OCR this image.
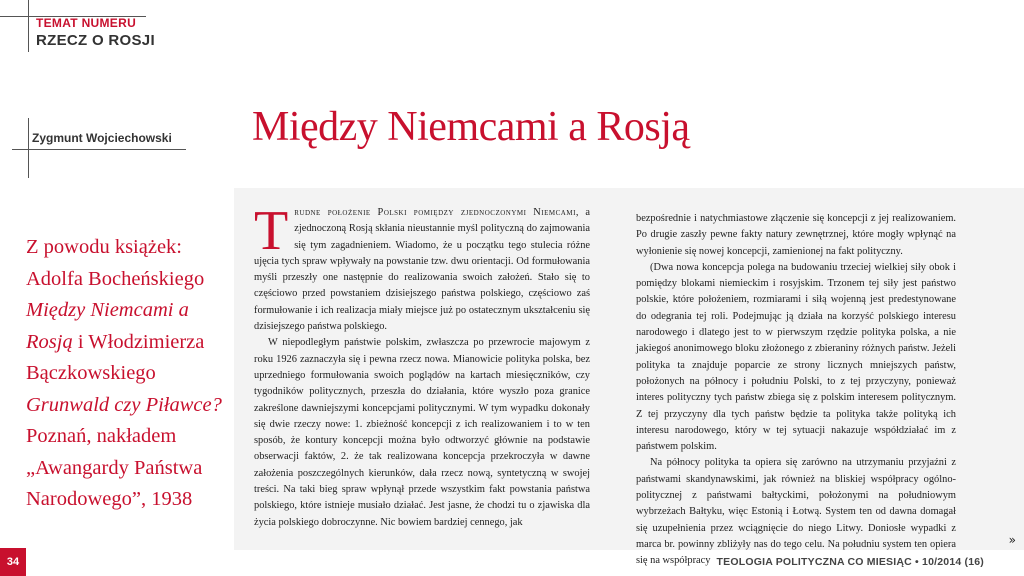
TEMAT NUMERU
RZECZ O ROSJI
Zygmunt Wojciechowski Między Niemcami a Rosją

Z powodu książek:

Adolfa Bocheńskiego Między Niemcami a Rosją i Włodzimierza Bączkowskiego Grunwald czy Piławce?

Poznań, nakładem „Awangardy Państwa Narodowego”, 1938

Trudne położenie Polski pomiędzy zjednoczonymi Niemcami, a zjednoczoną Rosją skłania nieustannie myśl polityczną do zajmowania się tym zagadnieniem. Wiadomo, że u początku tego stulecia różne ujęcia tych spraw wpływały na powstanie tzw. dwu orientacji. Od formułowania myśli przeszły one następnie do realizowania swoich założeń. Stało się to częściowo przed powstaniem dzisiejszego państwa polskiego, częściowo zaś formułowanie i ich realizacja miały miejsce już po ostatecznym ukształceniu się dzisiejszego państwa polskiego.

W niepodległym państwie polskim, zwłaszcza po przewrocie majowym z roku 1926 zaznaczyła się i pewna rzecz nowa. Mianowicie polityka polska, bez uprzedniego formułowania swoich poglądów na kartach miesięczników, czy tygodników politycznych, przeszła do działania, które wyszło poza granice zakreślone dawniejszymi koncepcjami politycznymi. W tym wypadku dokonały się dwie rzeczy nowe: 1. zbieżność koncepcji z ich realizowaniem i to w ten sposób, że kontury koncepcji można było odtworzyć głównie na podstawie obserwacji faktów, 2. że tak realizowana koncepcja przekroczyła w dawne założenia poszczególnych kierunków, dała rzecz nową, syntetyczną w swojej treści. Na taki bieg spraw wpłynął przede wszystkim fakt powstania państwa polskiego, które istnieje musiało działać. Jest jasne, że chodzi tu o zjawiska dla życia polskiego dobroczynne. Nic bowiem bardziej cennego, jak

bezpośrednie i natychmiastowe złączenie się koncepcji z jej realizowaniem. Po drugie zaszły pewne fakty natury zewnętrznej, które mogły wpłynąć na wyłonienie się nowej koncepcji, zamienionej na fakt polityczny.

(Dwa nowa koncepcja polega na budowaniu trzeciej wielkiej siły obok i pomiędzy blokami niemieckim i rosyjskim. Trzonem tej siły jest państwo polskie, które położeniem, rozmiarami i siłą wojenną jest predestynowane do odegrania tej roli. Podejmując ją działa na korzyść polskiego interesu narodowego i dlatego jest to w pierwszym rzędzie polityka polska, a nie jakiegoś anonimowego bloku złożonego z zbieraniny różnych państw. Jeżeli polityka ta znajduje poparcie ze strony licznych mniejszych państw, położonych na północy i południu Polski, to z tej przyczyny, ponieważ interes polityczny tych państw zbiega się z polskim interesem politycznym. Z tej przyczyny dla tych państw będzie ta polityka także polityką ich interesu narodowego, który w tej sytuacji nakazuje współdziałać im z państwem polskim.

Na północy polityka ta opiera się zarówno na utrzymaniu przyjaźni z państwami skandynawskimi, jak również na bliskiej współpracy ogólno-politycznej z państwami bałtyckimi, położonymi na południowym wybrzeżach Bałtyku, więc Estonią i Łotwą. System ten od dawna domagał się uzupełnienia przez wciągnięcie do niego Litwy. Doniosłe wypadki z marca br. powinny zbliżyły nas do tego celu. Na południu system ten opiera się na współpracy

»
34	TEOLOGIA POLITYCZNA CO MIESIĄC • 10/2014 (16)
